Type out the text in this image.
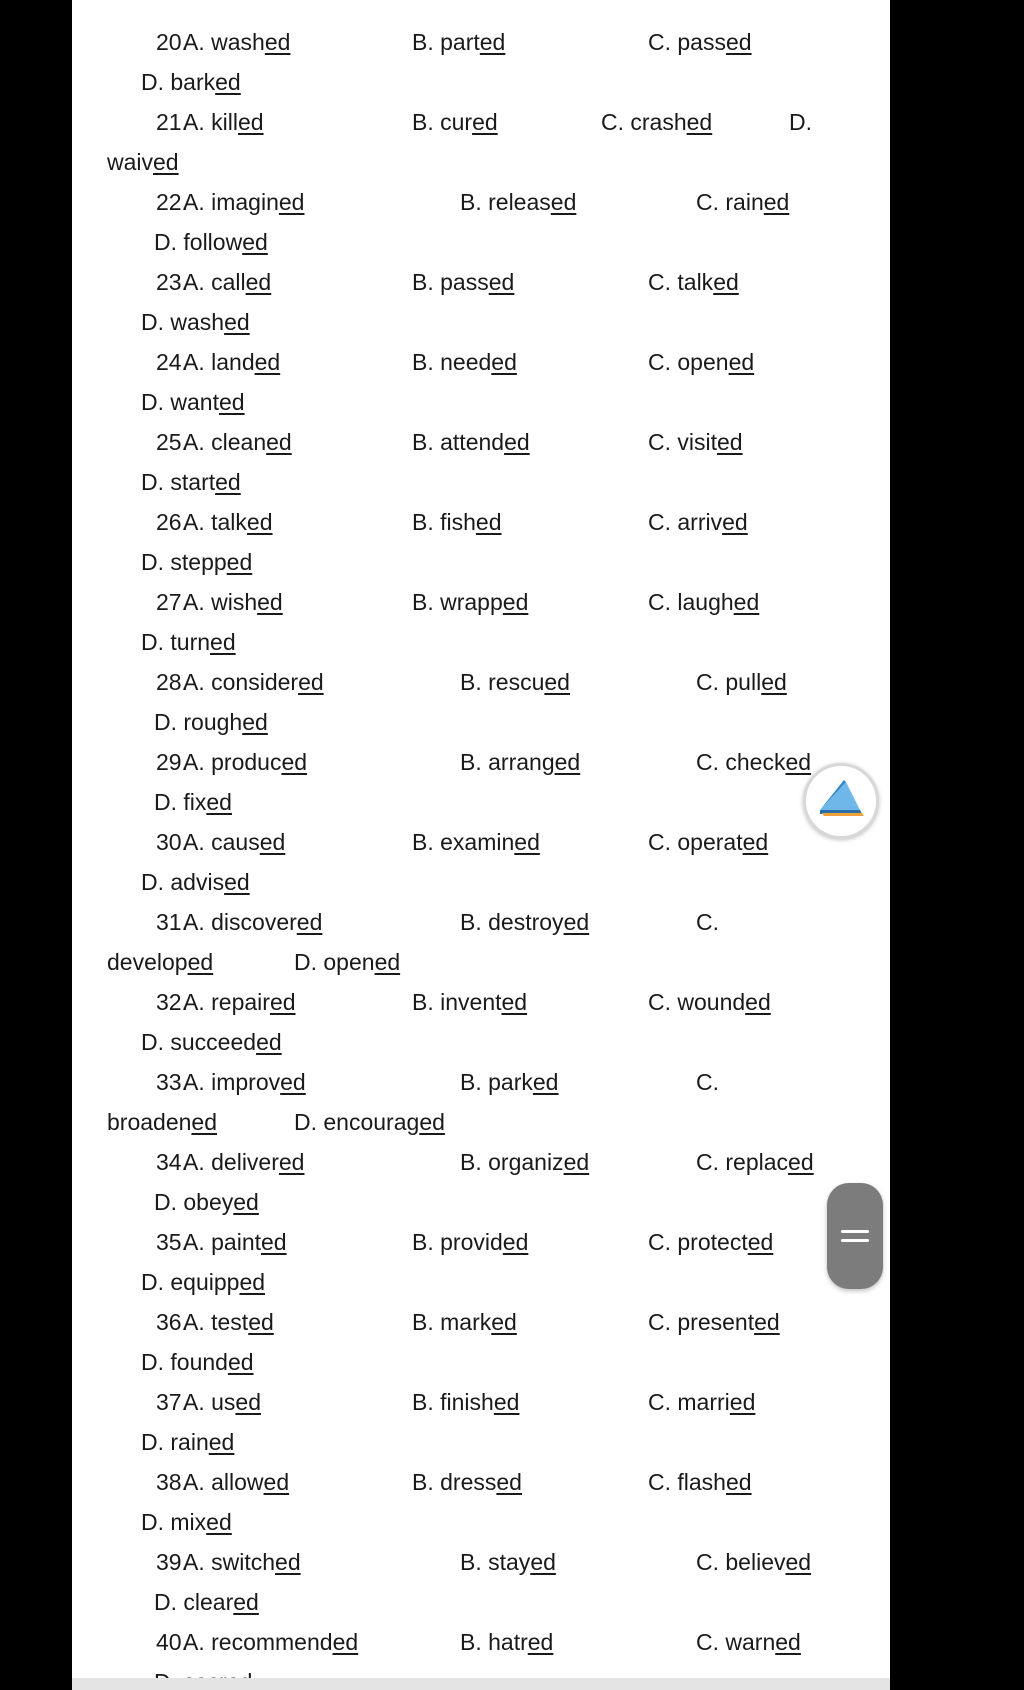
20.
A. washed	B. parted	C. passed
D. barked
21.
A. killed	B. cured	C. crashed	D.
waived
22.
A. imagined	B. released	C. rained
D. followed
23.
A. called	B. passed	C. talked
D. washed
24.
A. landed	B. needed	C. opened
D. wanted
25.
A. cleaned	B. attended	C. visited
D. started
26.
A. talked	B. fished	C. arrived
D. stepped
27.
A. wished	B. wrapped	C. laughed
D. turned
28.
A. considered	B. rescued	C. pulled
D. roughed
29.
A. produced	B. arranged	C. checked
D. fixed
30.
A. caused	B. examined	C. operated
D. advised
31.
A. discovered	B. destroyed	C.
developed	D. opened
32.
A. repaired	B. invented	C. wounded
D. succeeded
33.
A. improved	B. parked	C.
broadened	D. encouraged
34.
A. delivered	B. organized	C. replaced
D. obeyed
35.
A. painted	B. provided	C. protected
D. equipped
36.
A. tested	B. marked	C. presented
D. founded
37.
A. used	B. finished	C. married
D. rained
38.
A. allowed	B. dressed	C. flashed
D. mixed
39.
A. switched	B. stayed	C. believed
D. cleared
40.
A. recommended	B. hatred	C. warned
